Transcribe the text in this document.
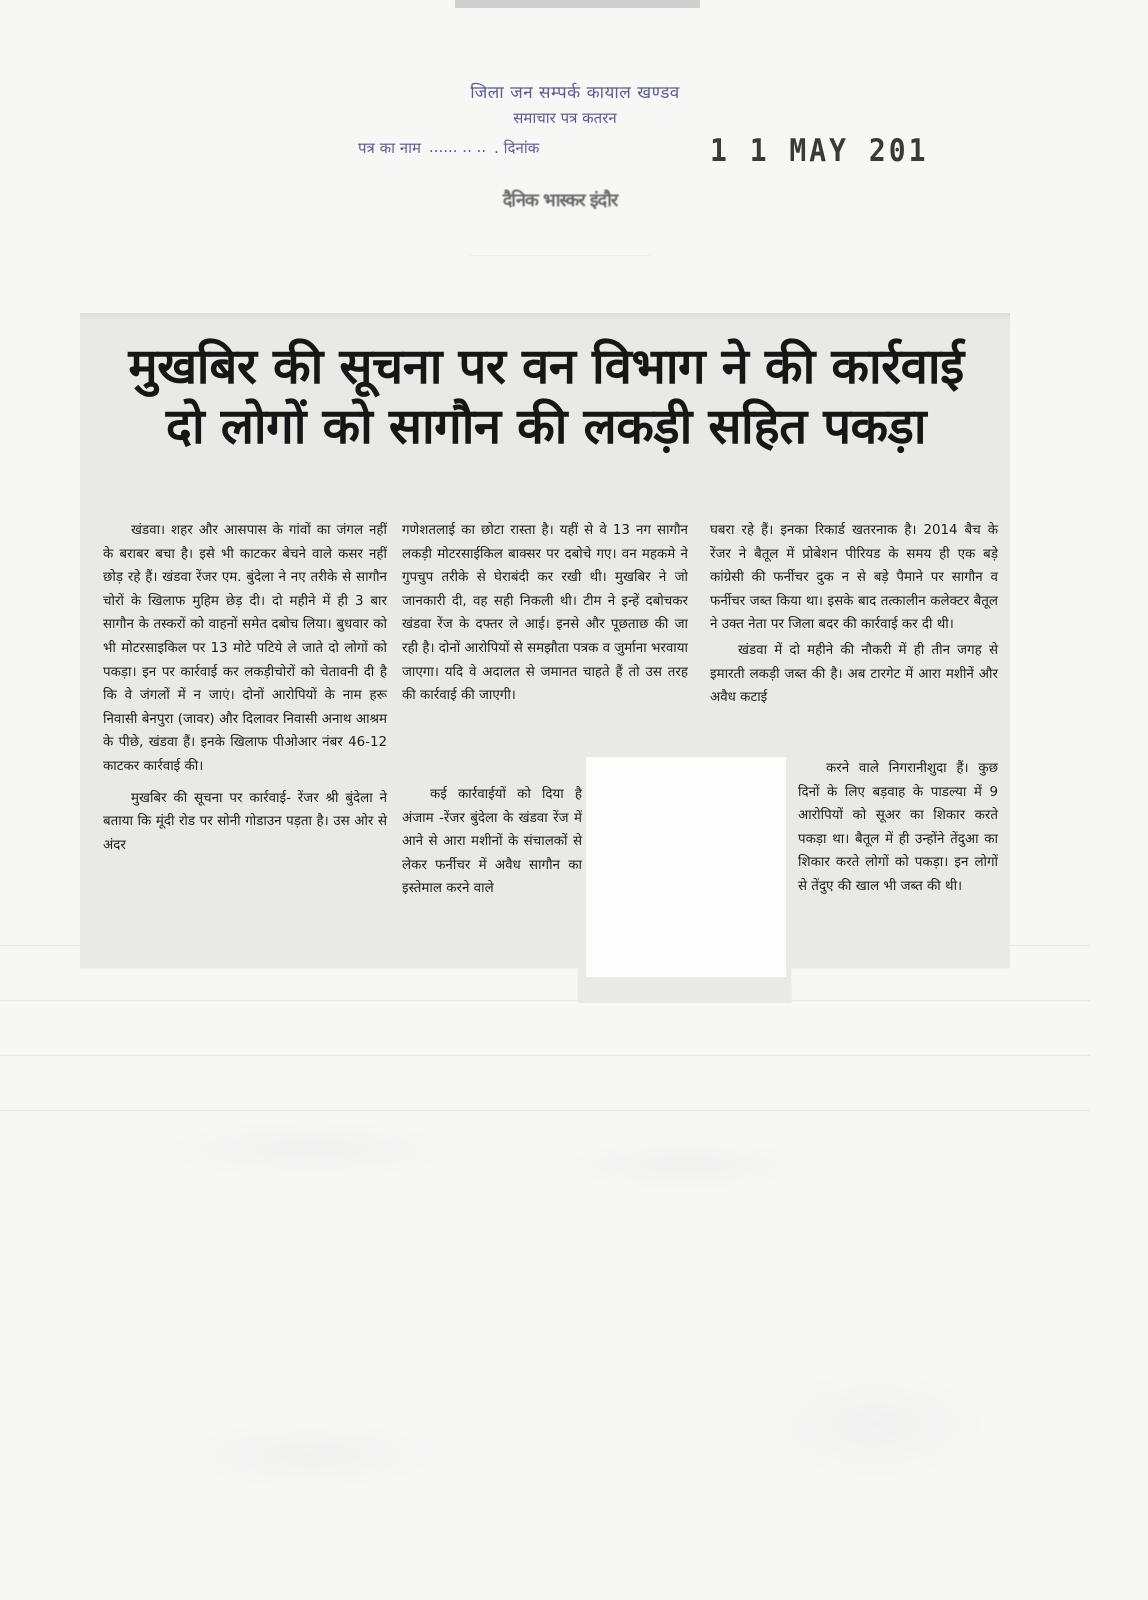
जिला जन सम्पर्क कायाल खण्डव
समाचार पत्र कतरन
पत्र का नाम ...... .. .. . दिनांक	1 1 MAY 201
दैनिक भास्कर इंदौर
मुखबिर की सूचना पर वन विभाग ने की कार्रवाई
दो लोगों को सागौन की लकड़ी सहित पकड़ा

खंडवा। शहर और आसपास के गांवों का जंगल नहीं के बराबर बचा है। इसे भी काटकर बेचने वाले कसर नहीं छोड़ रहे हैं। खंडवा रेंजर एम. बुंदेला ने नए तरीके से सागौन चोरों के खिलाफ मुहिम छेड़ दी। दो महीने में ही 3 बार सागौन के तस्करों को वाहनों समेत दबोच लिया। बुधवार को भी मोटरसाइकिल पर 13 मोटे पटिये ले जाते दो लोगों को पकड़ा। इन पर कार्रवाई कर लकड़ीचोरों को चेतावनी दी है कि वे जंगलों में न जाएं। दोनों आरोपियों के नाम हरू निवासी बेनपुरा (जावर) और दिलावर निवासी अनाथ आश्रम के पीछे, खंडवा हैं। इनके खिलाफ पीओआर नंबर 46-12 काटकर कार्रवाई की।

मुखबिर की सूचना पर कार्रवाई- रेंजर श्री बुंदेला ने बताया कि मूंदी रोड पर सोनी गोडाउन पड़ता है। उस ओर से अंदर

गणेशतलाई का छोटा रास्ता है। यहीं से वे 13 नग सागौन लकड़ी मोटरसाईकिल बाक्सर पर दबोचे गए। वन महकमे ने गुपचुप तरीके से घेराबंदी कर रखी थी। मुखबिर ने जो जानकारी दी, वह सही निकली थी। टीम ने इन्हें दबोचकर खंडवा रेंज के दफ्तर ले आई। इनसे और पूछताछ की जा रही है। दोनों आरोपियों से समझौता पत्रक व जुर्माना भरवाया जाएगा। यदि वे अदालत से जमानत चाहते हैं तो उस तरह की कार्रवाई की जाएगी।

कई कार्रवाईयों को दिया है अंजाम -रेंजर बुंदेला के खंडवा रेंज में आने से आरा मशीनों के संचालकों से लेकर फर्नीचर में अवैध सागौन का इस्तेमाल करने वाले

घबरा रहे हैं। इनका रिकार्ड खतरनाक है। 2014 बैच के रेंजर ने बैतूल में प्रोबेशन पीरियड के समय ही एक बड़े कांग्रेसी की फर्नीचर दुक न से बड़े पैमाने पर सागौन व फर्नीचर जब्त किया था। इसके बाद तत्कालीन कलेक्टर बैतूल ने उक्त नेता पर जिला बदर की कार्रवाई कर दी थी।

खंडवा में दो महीने की नौकरी में ही तीन जगह से इमारती लकड़ी जब्त की है। अब टारगेट में आरा मशीनें और अवैध कटाई

करने वाले निगरानीशुदा हैं। कुछ दिनों के लिए बड़वाह के पाडल्या में 9 आरोपियों को सूअर का शिकार करते पकड़ा था। बैतूल में ही उन्होंने तेंदुआ का शिकार करते लोगों को पकड़ा। इन लोगों से तेंदुए की खाल भी जब्त की थी।
